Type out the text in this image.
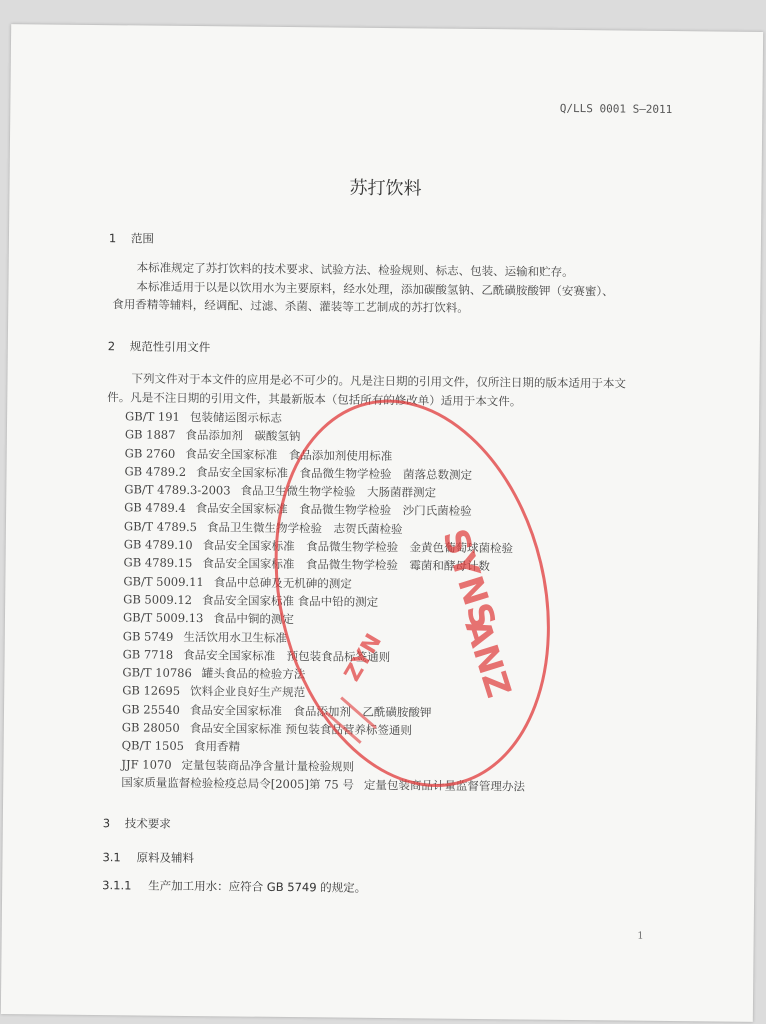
Q/LLS 0001 S—2011
苏打饮料
1 范围

本标准规定了苏打饮料的技术要求、试验方法、检验规则、标志、包装、运输和贮存。

本标准适用于以是以饮用水为主要原料，经水处理，添加碳酸氢钠、乙酰磺胺酸钾（安赛蜜）、

食用香精等辅料，经调配、过滤、杀菌、灌装等工艺制成的苏打饮料。

2 规范性引用文件

下列文件对于本文件的应用是必不可少的。凡是注日期的引用文件，仅所注日期的版本适用于本文

件。凡是不注日期的引用文件，其最新版本（包括所有的修改单）适用于本文件。

GB/T 191 包装储运图示标志
GB 1887 食品添加剂　碳酸氢钠
GB 2760 食品安全国家标准　食品添加剂使用标准
GB 4789.2 食品安全国家标准　食品微生物学检验　菌落总数测定
GB/T 4789.3-2003 食品卫生微生物学检验　大肠菌群测定
GB 4789.4 食品安全国家标准　食品微生物学检验　沙门氏菌检验
GB/T 4789.5 食品卫生微生物学检验　志贺氏菌检验
GB 4789.10 食品安全国家标准　食品微生物学检验　金黄色葡萄球菌检验
GB 4789.15 食品安全国家标准　食品微生物学检验　霉菌和酵母计数
GB/T 5009.11 食品中总砷及无机砷的测定
GB 5009.12 食品安全国家标准 食品中铅的测定
GB/T 5009.13 食品中铜的测定
GB 5749 生活饮用水卫生标准
GB 7718 食品安全国家标准　预包装食品标签通则
GB/T 10786 罐头食品的检验方法
GB 12695 饮料企业良好生产规范
GB 25540 食品安全国家标准　食品添加剂　乙酰磺胺酸钾
GB 28050 食品安全国家标准 预包装食品营养标签通则
QB/T 1505 食用香精
JJF 1070 定量包装商品净含量计量检验规则
国家质量监督检验检疫总局令[2005]第 75 号 定量包装商品计量监督管理办法
3 技术要求
3.1 原料及辅料
3.1.1 生产加工用水：应符合 GB 5749 的规定。
1
SYNS
ANZ
ZYN
